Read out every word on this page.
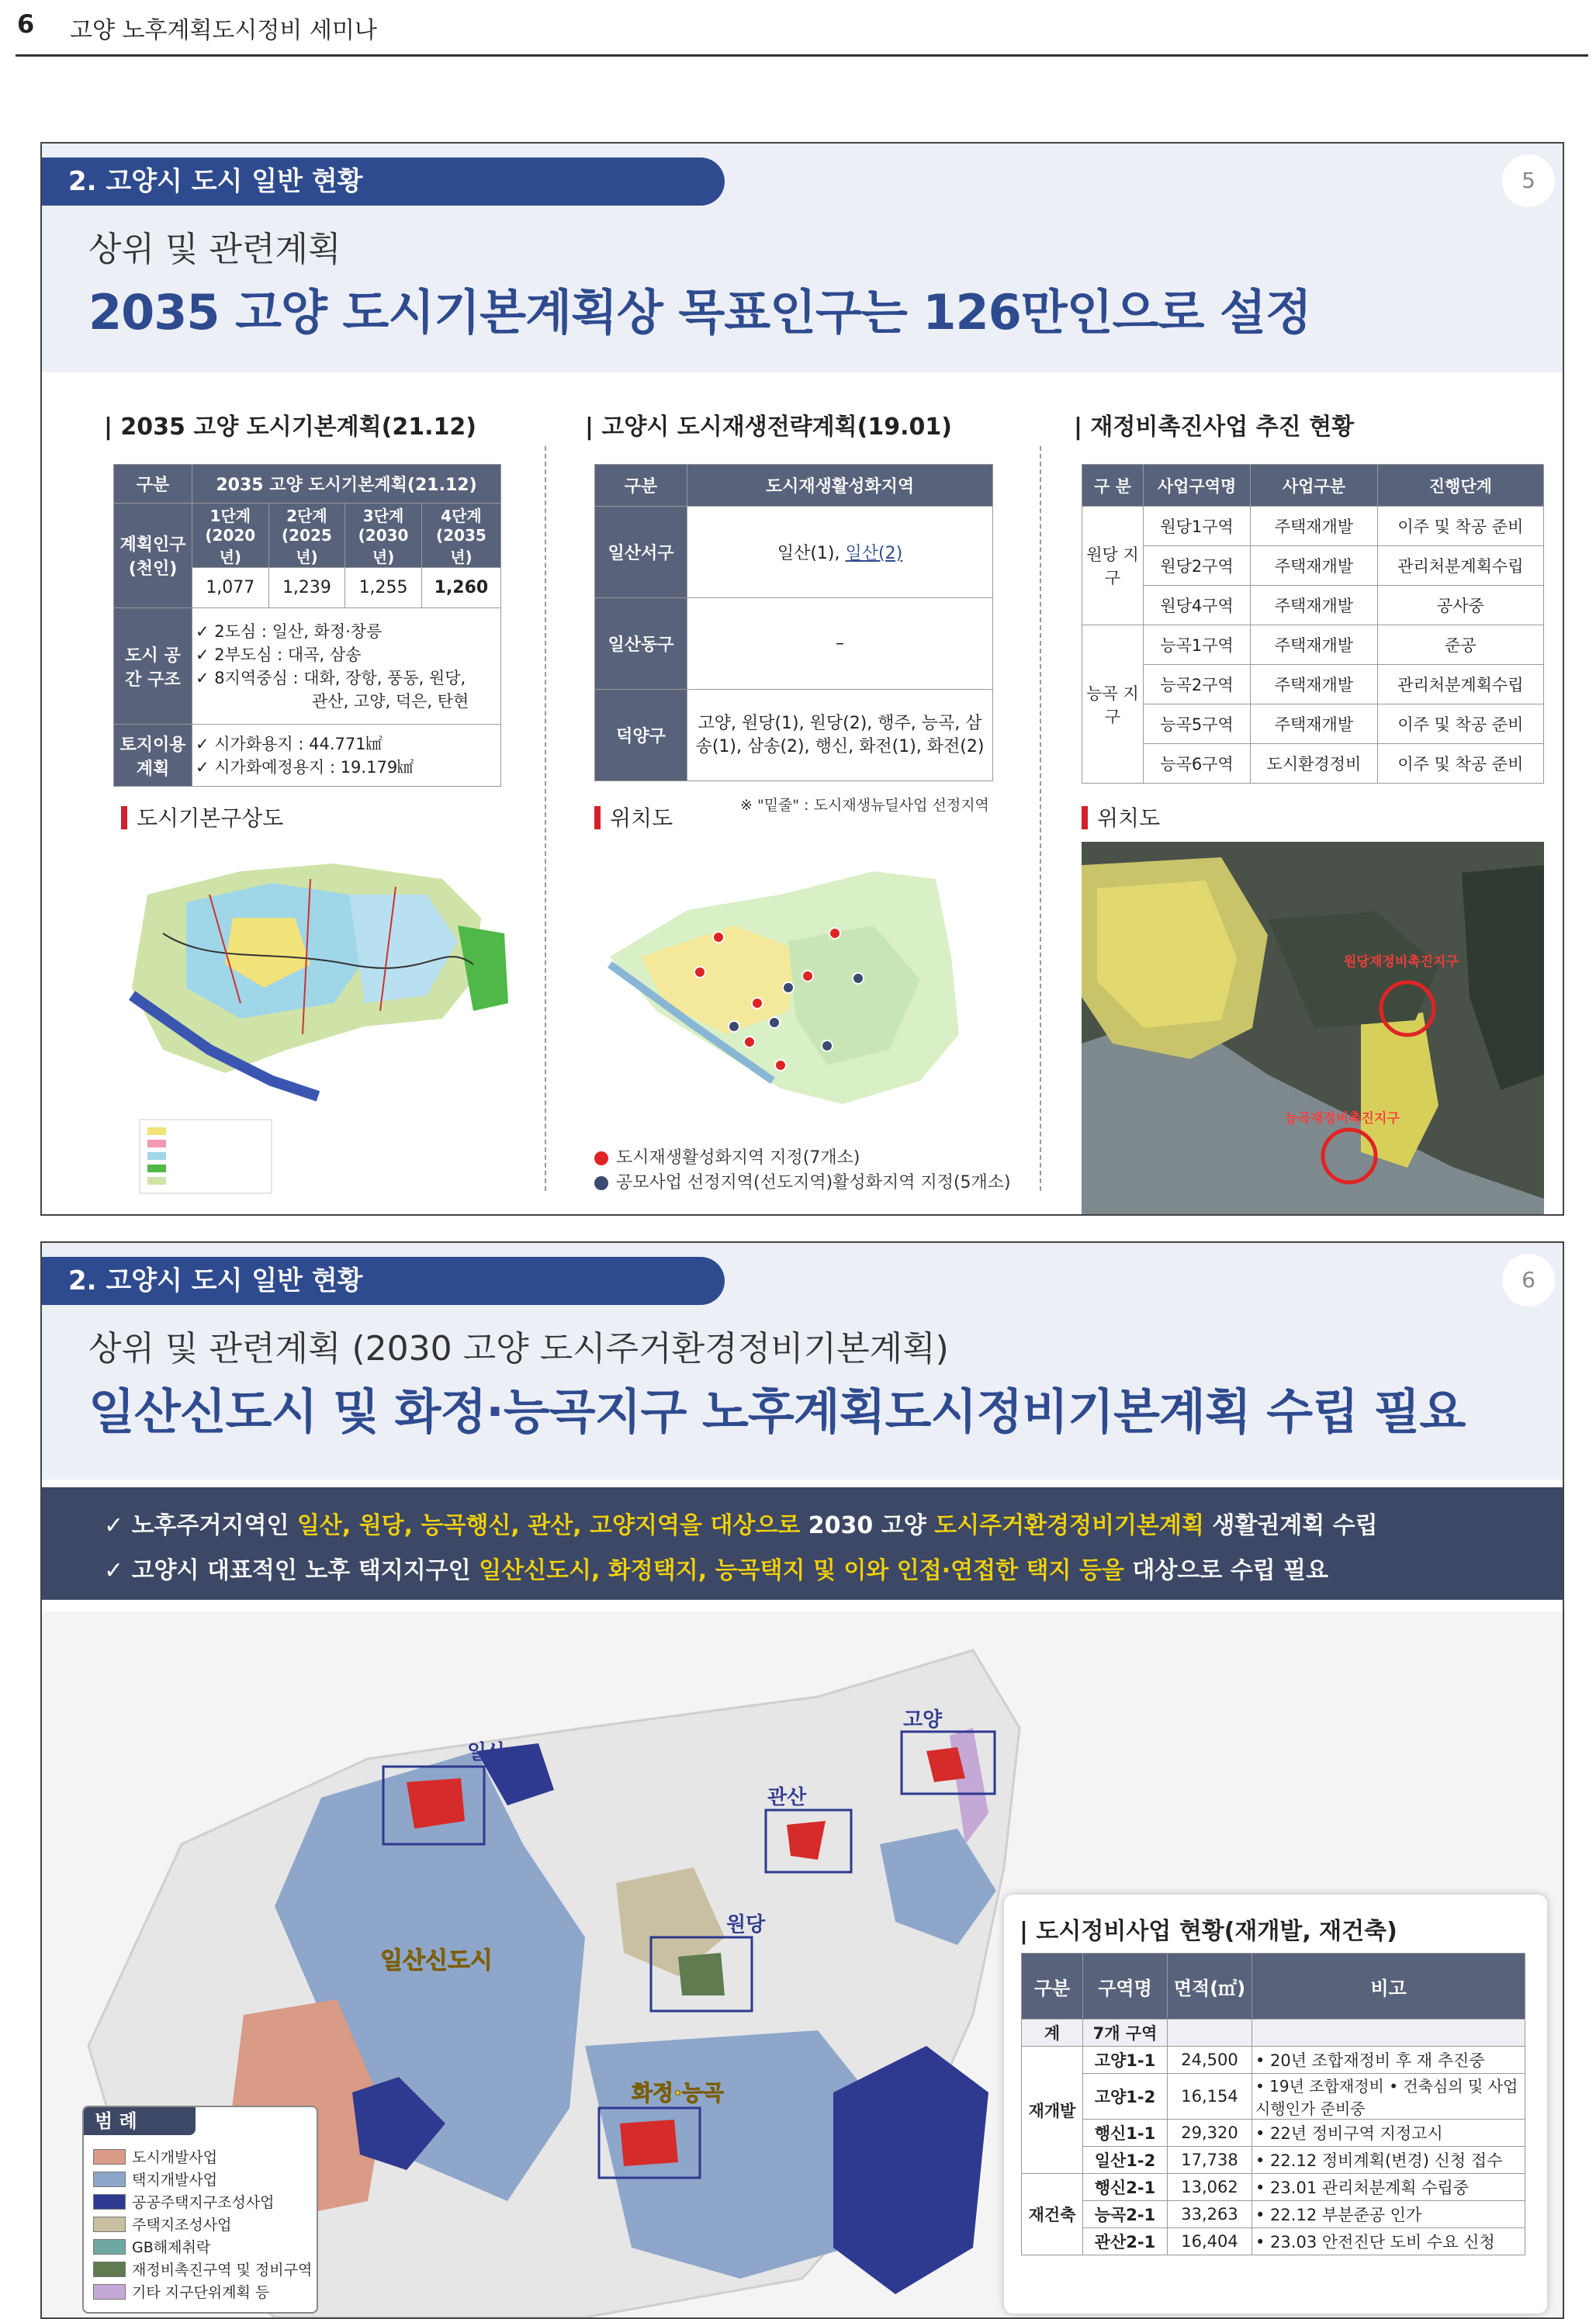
6 고양 노후계획도시정비 세미나
2. 고양시 도시 일반 현황	5
상위 및 관련계획
2035 고양 도시기본계획상 목표인구는 126만인으로 설정
| 2035 고양 도시기본계획(21.12)	| 고양시 도시재생전략계획(19.01)	| 재정비촉진사업 추진 현황
구분	2035 고양 도시기본계획(21.12)			
계획인구 (천인)	1단계 (2020년)	2단계 (2025년)	3단계 (2030년)	4단계 (2035년)
	1,077	1,239	1,255	1,260
도시 공간 구조	✓ 2도심 : 일산, 화정·창릉
✓ 2부도심 : 대곡, 삼송
✓ 8지역중심 : 대화, 장항, 풍동, 원당,
관산, 고양, 덕은, 탄현			

토지이용 계획	✓ 시가화용지 : 44.771㎢
✓ 시가화예정용지 : 19.179㎢			
구분	도시재생활성화지역
일산서구	일산(1), 일산(2)
일산동구	–
덕양구	고양, 원당(1), 원당(2), 행주, 능곡, 삼송(1), 삼송(2), 행신, 화전(1), 화전(2)
※ "밑줄" : 도시재생뉴딜사업 선정지역
구 분	사업구역명	사업구분	진행단계
원당 지구	원당1구역	주택재개발	이주 및 착공 준비
	원당2구역	주택재개발	관리처분계획수립
	원당4구역	주택재개발	공사중
능곡 지구	능곡1구역	주택재개발	준공
	능곡2구역	주택재개발	관리처분계획수립
	능곡5구역	주택재개발	이주 및 착공 준비
	능곡6구역	도시환경정비	이주 및 착공 준비
도시기본구상도	위치도	위치도
도시재생활성화지역 지정(7개소)
공모사업 선정지역(선도지역)활성화지역 지정(5개소)
원당재정비촉진지구
능곡재정비촉진지구
2. 고양시 도시 일반 현황	6
상위 및 관련계획 (2030 고양 도시주거환경정비기본계획)
일산신도시 및 화정·능곡지구 노후계획도시정비기본계획 수립 필요
✓ 노후주거지역인 일산, 원당, 능곡행신, 관산, 고양지역을 대상으로 2030 고양 도시주거환경정비기본계획 생활권계획 수립
✓ 고양시 대표적인 노후 택지지구인 일산신도시, 화정택지, 능곡택지 및 이와 인접·연접한 택지 등을 대상으로 수립 필요
고양
일산
관산
원당
일산신도시
화정·능곡
범 례
도시개발사업
택지개발사업
공공주택지구조성사업
주택지조성사업
GB해제취락
재정비촉진구역 및 정비구역
기타 지구단위계획 등
| 도시정비사업 현황(재개발, 재건축)
구분	구역명	면적(㎡)	비고
계	7개 구역		
재개발	고양1-1	24,500	• 20년 조합재정비 후 재 추진중
	고양1-2	16,154	• 19년 조합재정비 • 건축심의 및 사업시행인가 준비중
	행신1-1	29,320	• 22년 정비구역 지정고시
	일산1-2	17,738	• 22.12 정비계획(변경) 신청 접수
재건축	행신2-1	13,062	• 23.01 관리처분계획 수립중
	능곡2-1	33,263	• 22.12 부분준공 인가
	관산2-1	16,404	• 23.03 안전진단 도비 수요 신청
